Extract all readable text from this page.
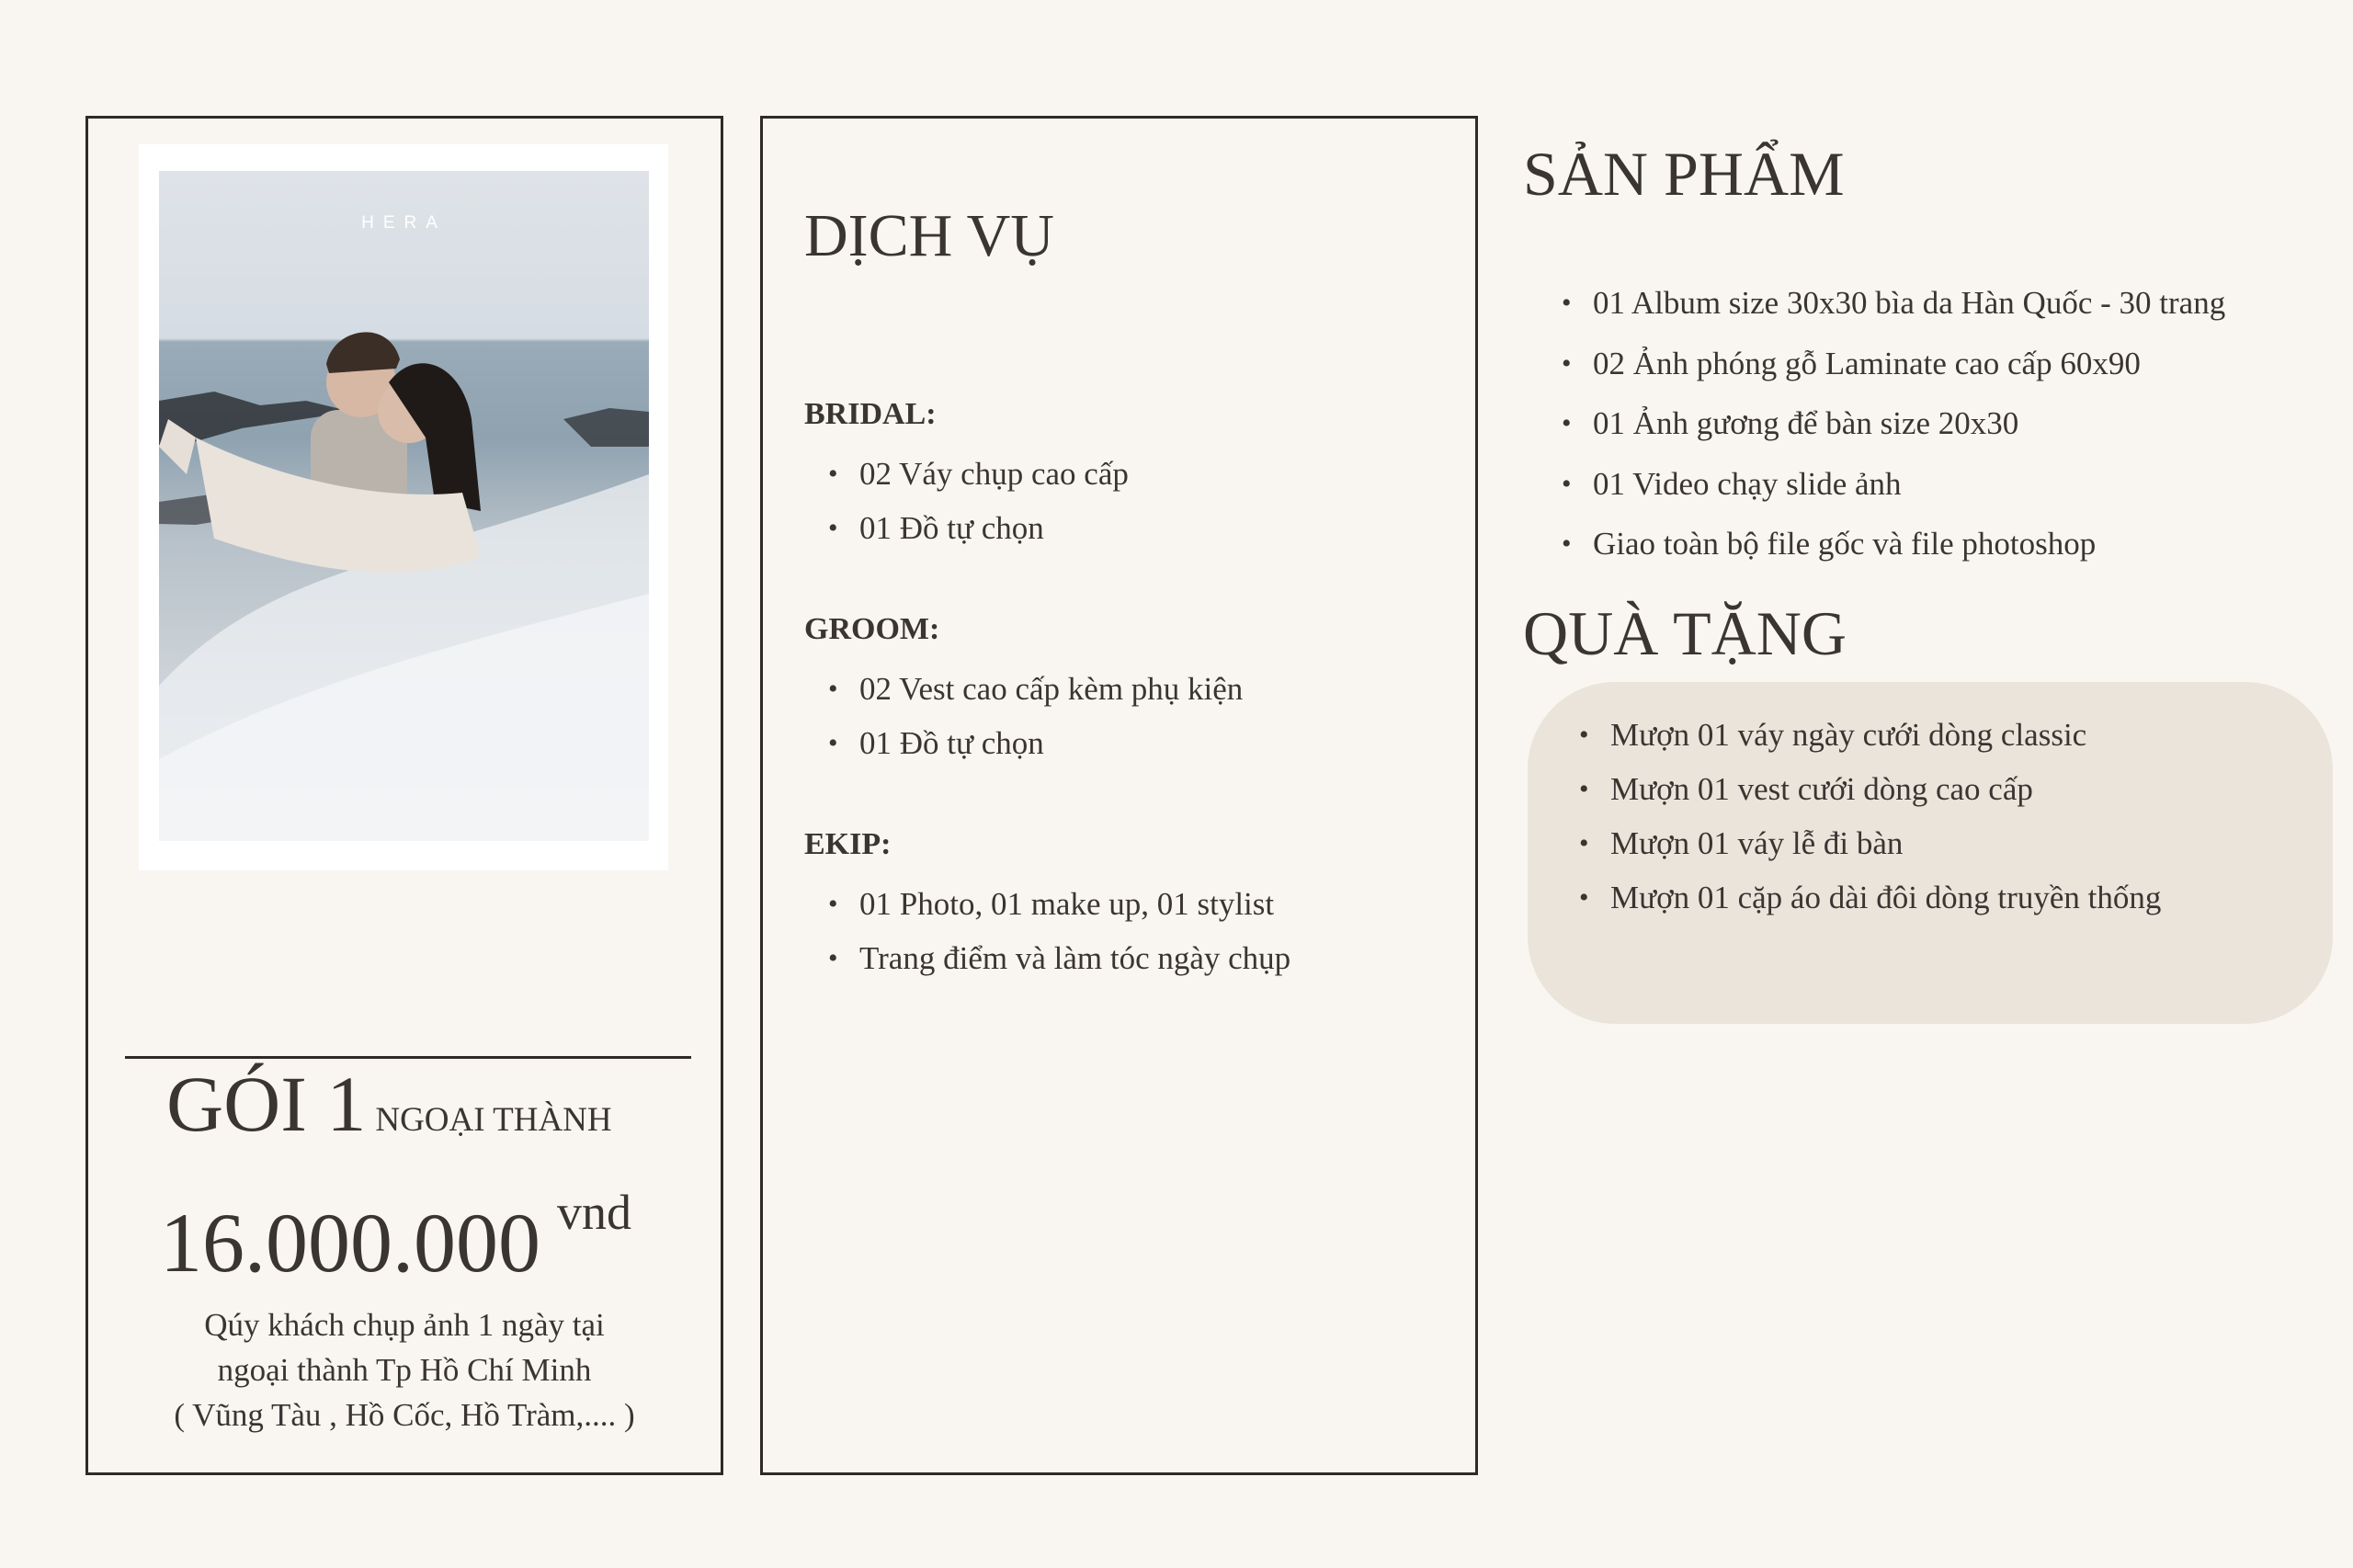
HERA
GÓI 1 NGOẠI THÀNH
16.000.000 vnd
Qúy khách chụp ảnh 1 ngày tại
ngoại thành Tp Hồ Chí Minh
( Vũng Tàu , Hồ Cốc, Hồ Tràm,.... )
DỊCH VỤ
BRIDAL:
• 02 Váy chụp cao cấp
• 01 Đồ tự chọn
GROOM:
• 02 Vest cao cấp kèm phụ kiện
• 01 Đồ tự chọn
EKIP:
• 01 Photo, 01 make up, 01 stylist
• Trang điểm và làm tóc ngày chụp
SẢN PHẨM
• 01 Album size 30x30 bìa da Hàn Quốc - 30 trang
• 02 Ảnh phóng gỗ Laminate cao cấp 60x90
• 01 Ảnh gương để bàn size 20x30
• 01 Video chạy slide ảnh
• Giao toàn bộ file gốc và file photoshop
QUÀ TẶNG
• Mượn 01 váy ngày cưới dòng classic
• Mượn 01 vest cưới dòng cao cấp
• Mượn 01 váy lễ đi bàn
• Mượn 01 cặp áo dài đôi dòng truyền thống
